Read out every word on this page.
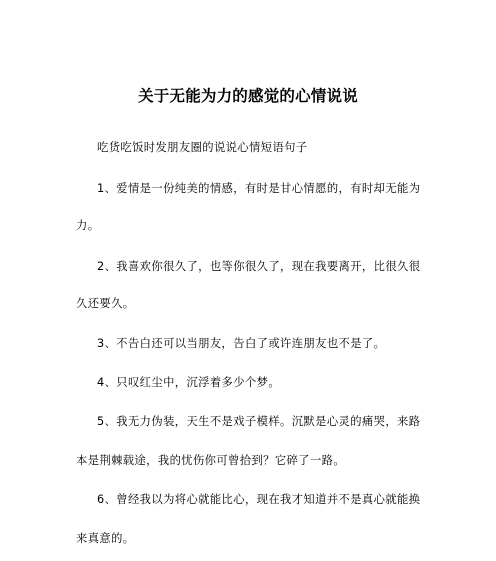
关于无能为力的感觉的心情说说
吃货吃饭时发朋友圈的说说心情短语句子
1、爱情是一份纯美的情感，有时是甘心情愿的，有时却无能为
力。
2、我喜欢你很久了，也等你很久了，现在我要离开，比很久很
久还要久。
3、不告白还可以当朋友，告白了或许连朋友也不是了。
4、只叹红尘中，沉浮着多少个梦。
5、我无力伪装，天生不是戏子模样。沉默是心灵的痛哭，来路
本是荆棘载途，我的忧伤你可曾拾到？它碎了一路。
6、曾经我以为将心就能比心，现在我才知道并不是真心就能换
来真意的。
